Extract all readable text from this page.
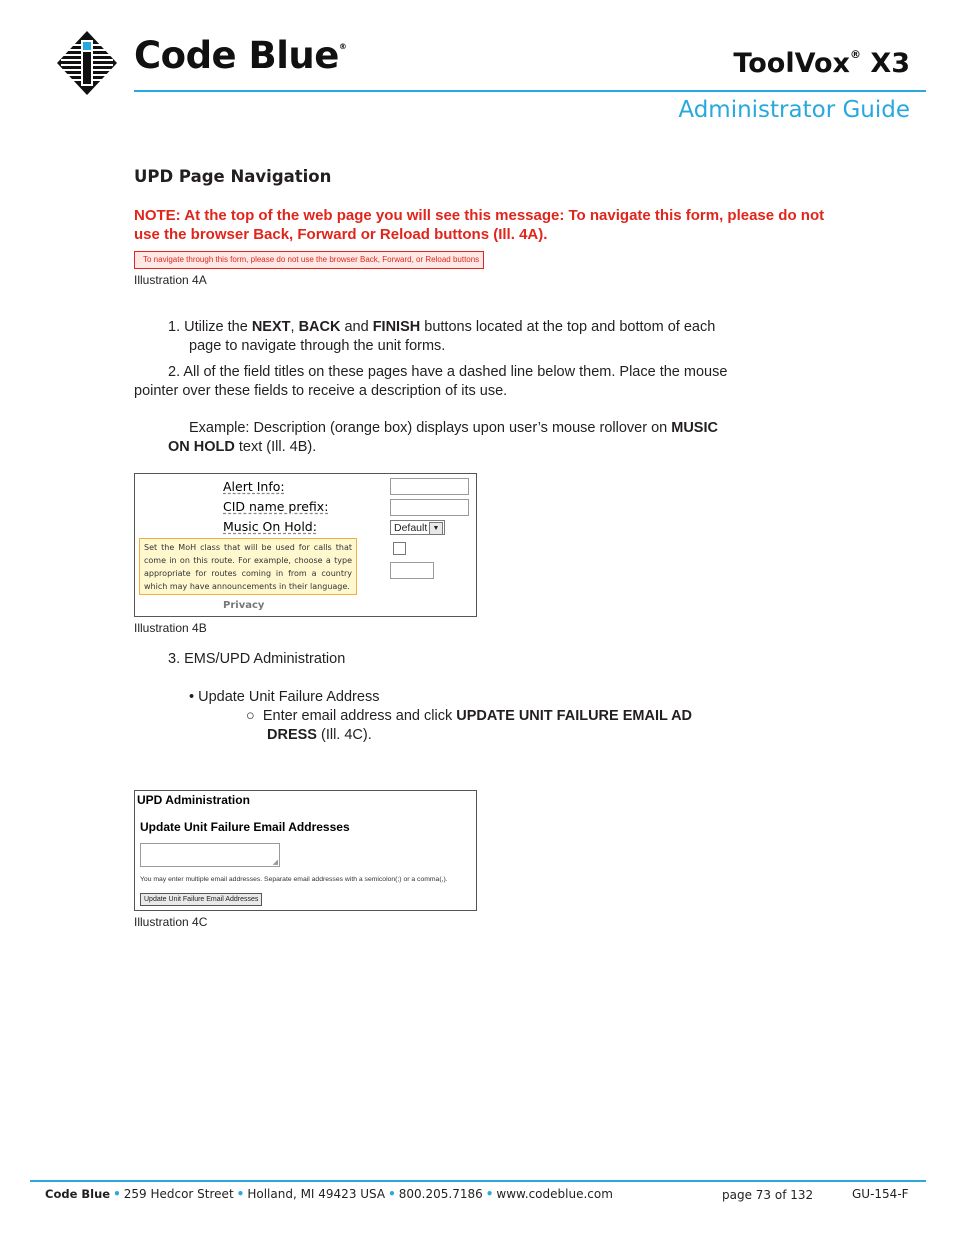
Code Blue®
ToolVox® X3
Administrator Guide
UPD Page Navigation
NOTE: At the top of the web page you will see this message: To navigate this form, please do not use the browser Back, Forward or Reload buttons (Ill. 4A).
To navigate through this form, please do not use the browser Back, Forward, or Reload buttons
Illustration 4A
1. Utilize the NEXT, BACK and FINISH buttons located at the top and bottom of each
page to navigate through the unit forms.
2. All of the field titles on these pages have a dashed line below them. Place the mouse
pointer over these fields to receive a description of its use.
Example: Description (orange box) displays upon user’s mouse rollover on MUSIC
ON HOLD text (Ill. 4B).
Alert Info:
CID name prefix:
Music On Hold:	Default ▼
Set the MoH class that will be used for calls that come in on this route. For example, choose a type appropriate for routes coming in from a country which may have announcements in their language.
Privacy
Illustration 4B
3. EMS/UPD Administration
• Update Unit Failure Address
○ Enter email address and click UPDATE UNIT FAILURE EMAIL AD
DRESS (Ill. 4C).
UPD Administration
Update Unit Failure Email Addresses
◢
You may enter multiple email addresses. Separate email addresses with a semicolon(;) or a comma(,).
Update Unit Failure Email Addresses
Illustration 4C
Code Blue • 259 Hedcor Street • Holland, MI 49423 USA • 800.205.7186 • www.codeblue.com	page 73 of 132	GU-154-F
